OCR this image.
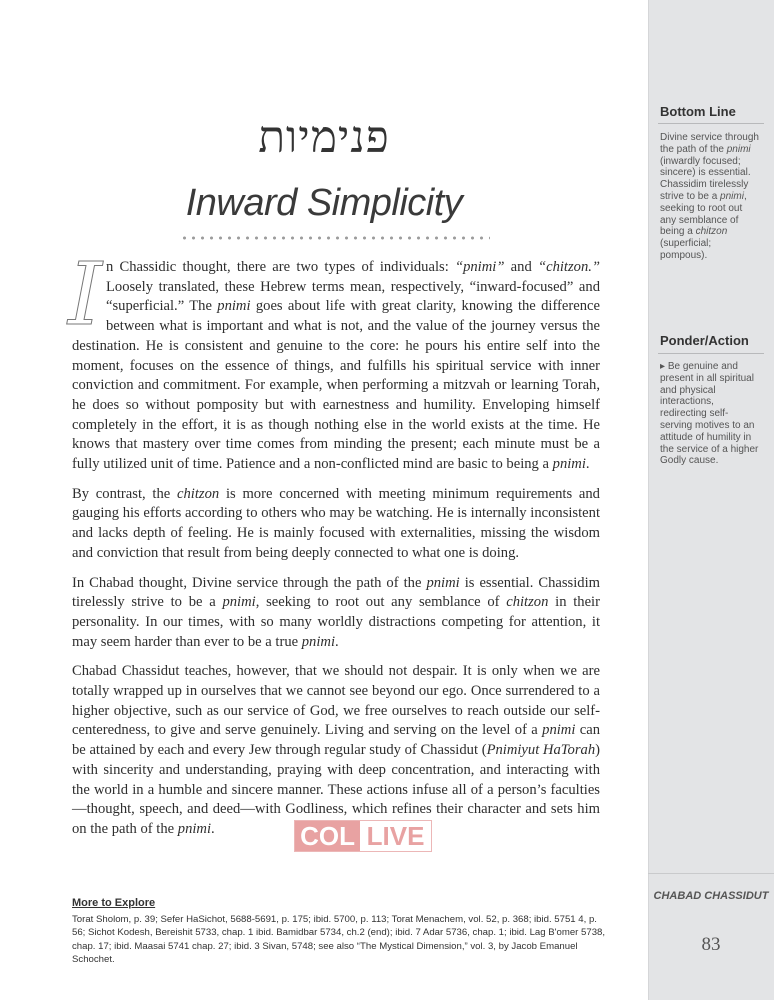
פנימיות
Inward Simplicity

I n Chassidic thought, there are two types of individuals: “pnimi” and “chitzon.” Loosely translated, these Hebrew terms mean, respectively, “inward-focused” and “superficial.” The pnimi goes about life with great clarity, knowing the difference between what is important and what is not, and the value of the journey versus the destination. He is consistent and genuine to the core: he pours his entire self into the moment, focuses on the essence of things, and fulfills his spiritual service with inner conviction and commitment. For example, when performing a mitzvah or learning Torah, he does so without pomposity but with earnestness and humility. Enveloping himself completely in the effort, it is as though nothing else in the world exists at the time. He knows that mastery over time comes from minding the present; each minute must be a fully utilized unit of time. Patience and a non-conflicted mind are basic to being a pnimi.

By contrast, the chitzon is more concerned with meeting minimum requirements and gauging his efforts according to others who may be watching. He is internally inconsistent and lacks depth of feeling. He is mainly focused with externalities, missing the wisdom and conviction that result from being deeply connected to what one is doing.

In Chabad thought, Divine service through the path of the pnimi is essential. Chassidim tirelessly strive to be a pnimi, seeking to root out any semblance of chitzon in their personality. In our times, with so many worldly distractions competing for attention, it may seem harder than ever to be a true pnimi.

Chabad Chassidut teaches, however, that we should not despair. It is only when we are totally wrapped up in ourselves that we cannot see beyond our ego. Once surrendered to a higher objective, such as our service of God, we free ourselves to reach outside our self-centeredness, to give and serve genuinely. Living and serving on the level of a pnimi can be attained by each and every Jew through regular study of Chassidut (Pnimiyut HaTorah) with sincerity and understanding, praying with deep concentration, and interacting with the world in a humble and sincere manner. These actions infuse all of a person’s faculties—thought, speech, and deed—with Godliness, which refines their character and sets him on the path of the pnimi.	COL LIVE
More to Explore
Torat Sholom, p. 39; Sefer HaSichot, 5688-5691, p. 175; ibid. 5700, p. 113; Torat Menachem, vol. 52, p. 368; ibid. 5751 4, p. 56; Sichot Kodesh, Bereishit 5733, chap. 1 ibid. Bamidbar 5734, ch.2 (end); ibid. 7 Adar 5736, chap. 1; ibid. Lag B'omer 5738, chap. 17; ibid. Maasai 5741 chap. 27; ibid. 3 Sivan, 5748; see also “The Mystical Dimension,” vol. 3, by Jacob Emanuel Schochet.
Bottom Line
Divine service through the path of the pnimi (inwardly focused; sincere) is essential. Chassidim tirelessly strive to be a pnimi, seeking to root out any semblance of being a chitzon (superficial; pompous).
Ponder/Action
▸ Be genuine and present in all spiritual and physical interactions, redirecting self-serving motives to an attitude of humility in the service of a higher Godly cause.
CHABAD CHASSIDUT
83
